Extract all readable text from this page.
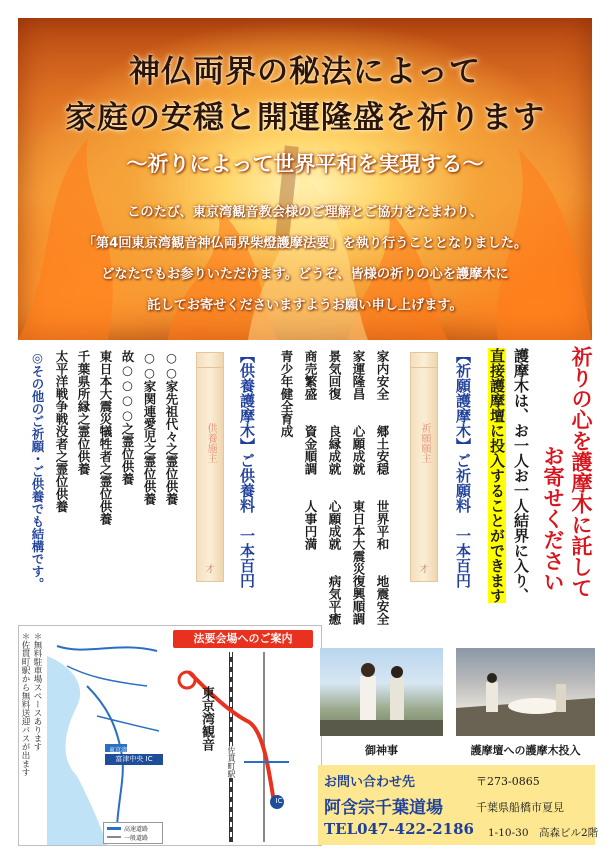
神仏両界の秘法によって
家庭の安穏と開運隆盛を祈ります
～祈りによって世界平和を実現する～
このたび、東京湾観音教会様のご理解とご協力をたまわり、
「第4回東京湾観音神仏両界柴燈護摩法要」を執り行うこととなりました。
どなたでもお参りいただけます。どうぞ、皆様の祈りの心を護摩木に
託してお寄せくださいますようお願い申し上げます。
祈りの心を護摩木に託して
お寄せください
護摩木は、お一人お一人結界に入り、
直接護摩壇に投入することができます
【祈願護摩木】ご祈願料　一本百円
祈願願主
才
家内安全　　郷土安穏　　世界平和　　地震安全
家運隆昌　　心願成就　　東日本大震災復興順調
景気回復　　良縁成就　　心願成就　　病気平癒
商売繁盛　　資金順調　　人事円満
青少年健全育成
【供養護摩木】ご供養料　一本百円
供養施主
才
○○家先祖代々之霊位供養
○○家関連愛児之霊位供養
故○○○○之霊位供養
東日本大震災犠牲者之霊位供養
千葉県所縁之霊位供養
太平洋戦争戦没者之霊位供養
◎その他のご祈願・ご供養でも結構です。
＊無料駐車場スペースあります
＊佐貫町駅から無料送迎バスが出ます	東京湾観音
富津中央 IC
高速道路
一般道路
法要会場へのご案内
東京湾観音
佐貫町駅
IC
御神事	護摩壇への護摩木投入
お問い合わせ先
阿含宗千葉道場
TEL047-422-2186
〒273-0865
千葉県船橋市夏見
1-10-30　高森ビル2階
